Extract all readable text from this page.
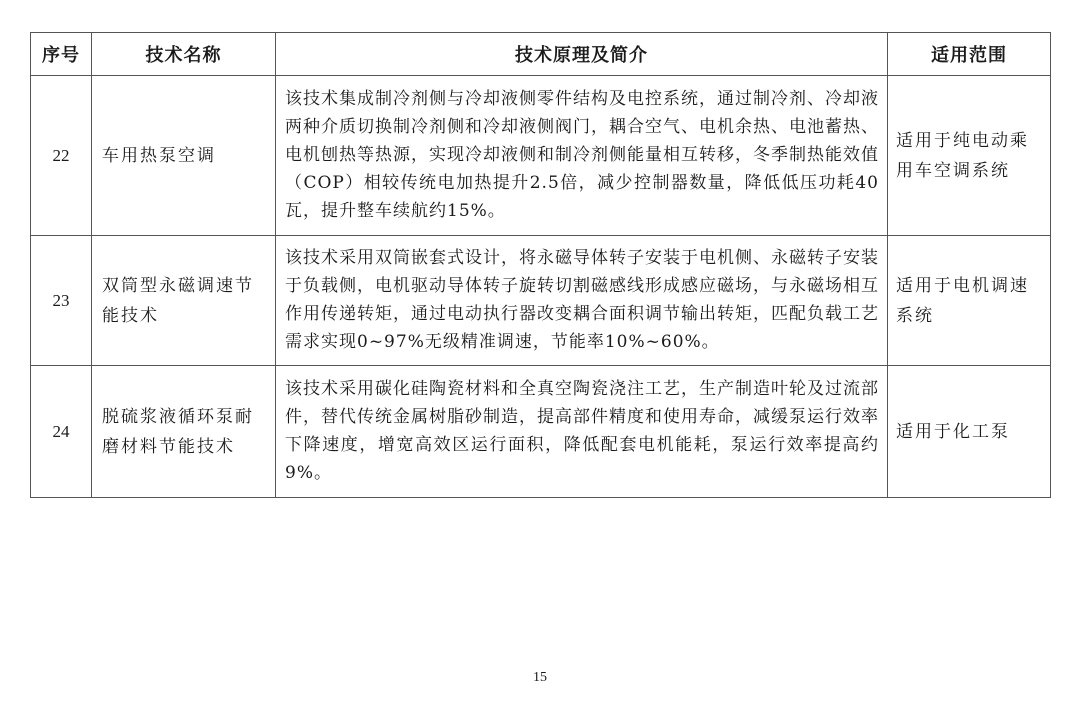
序号	技术名称	技术原理及简介	适用范围
22	车用热泵空调	该技术集成制冷剂侧与冷却液侧零件结构及电控系统，通过制冷剂、冷却液两种介质切换制冷剂侧和冷却液侧阀门，耦合空气、电机余热、电池蓄热、电机刨热等热源，实现冷却液侧和制冷剂侧能量相互转移，冬季制热能效值（COP）相较传统电加热提升2.5倍，减少控制器数量，降低低压功耗40瓦，提升整车续航约15%。	适用于纯电动乘用车空调系统
23	双筒型永磁调速节能技术	该技术采用双筒嵌套式设计，将永磁导体转子安装于电机侧、永磁转子安装于负载侧，电机驱动导体转子旋转切割磁感线形成感应磁场，与永磁场相互作用传递转矩，通过电动执行器改变耦合面积调节输出转矩，匹配负载工艺需求实现0~97%无级精准调速，节能率10%~60%。	适用于电机调速系统
24	脱硫浆液循环泵耐磨材料节能技术	该技术采用碳化硅陶瓷材料和全真空陶瓷浇注工艺，生产制造叶轮及过流部件，替代传统金属树脂砂制造，提高部件精度和使用寿命，减缓泵运行效率下降速度，增宽高效区运行面积，降低配套电机能耗，泵运行效率提高约9%。	适用于化工泵
15
